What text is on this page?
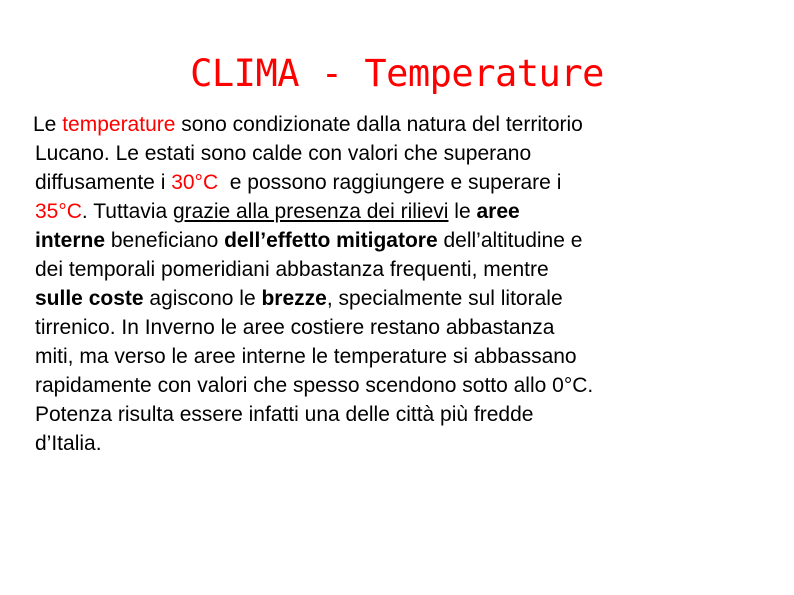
CLIMA - Temperature
Le temperature sono condizionate dalla natura del territorio
Lucano. Le estati sono calde con valori che superano
diffusamente i 30°C  e possono raggiungere e superare i
35°C. Tuttavia grazie alla presenza dei rilievi le aree
interne beneficiano dell’effetto mitigatore dell’altitudine e
dei temporali pomeridiani abbastanza frequenti, mentre
sulle coste agiscono le brezze, specialmente sul litorale
tirrenico. In Inverno le aree costiere restano abbastanza
miti, ma verso le aree interne le temperature si abbassano
rapidamente con valori che spesso scendono sotto allo 0°C.
Potenza risulta essere infatti una delle città più fredde
d’Italia.
